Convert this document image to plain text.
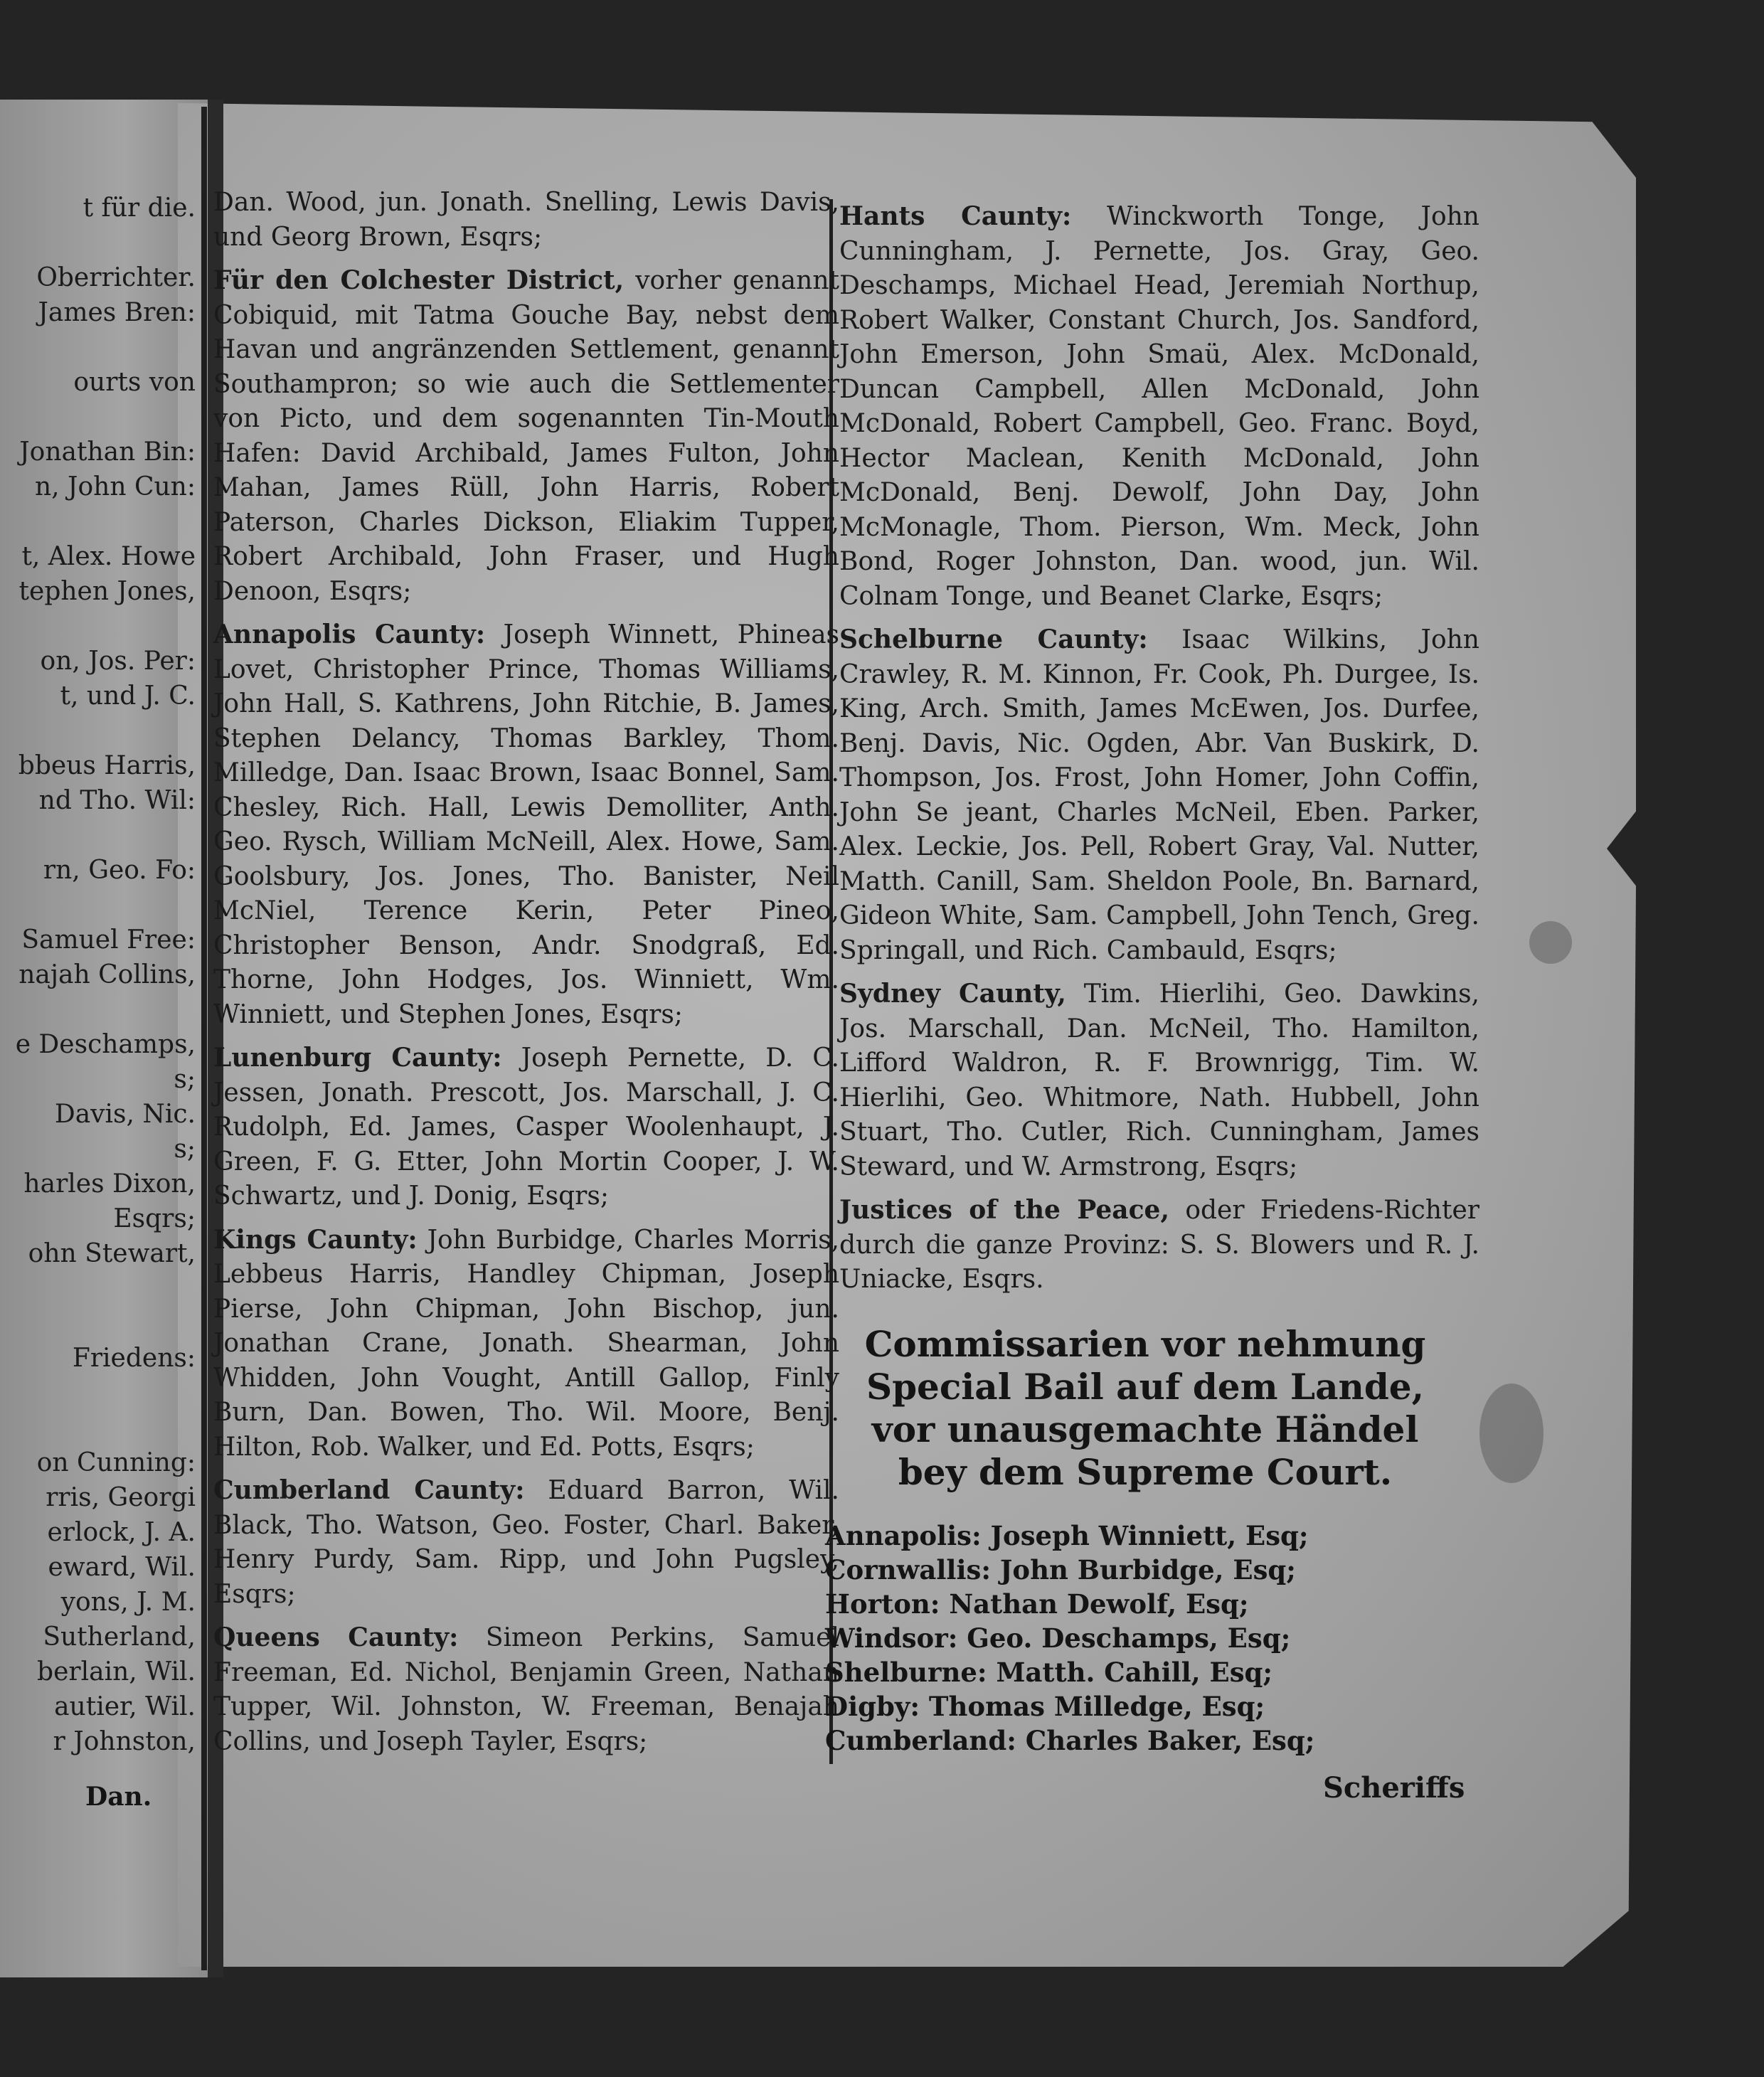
t für die.

Oberrichter.
James Bren:

ourts von

Jonathan Bin:
n, John Cun:

t, Alex. Howe
tephen Jones,

on, Jos. Per:
t, und J. C.

bbeus Harris,
nd Tho. Wil:

rn, Geo. Fo:

Samuel Free:
najah Collins,

e Deschamps,
s;
Davis, Nic.
s;
harles Dixon,
Esqrs;
ohn Stewart,

Friedens:

on Cunning:
rris, Georgi
erlock, J. A.
eward, Wil.
yons, J. M.
Sutherland,
berlain, Wil.
autier, Wil.
r Johnston,
Dan.
Dan. Wood, jun. Jonath. Snelling, Lewis Davis, und Georg Brown, Esqrs;
Für den Colchester District, vorher genannt Cobiquid, mit Tatma Gouche Bay, nebst dem Havan und angränzenden Settlement, genannt Southampron; so wie auch die Settlementer von Picto, und dem sogenannten Tin-Mouth Hafen: David Archibald, James Fulton, John Mahan, James Rüll, John Harris, Robert Paterson, Charles Dickson, Eliakim Tupper, Robert Archibald, John Fraser, und Hugh Denoon, Esqrs;
Annapolis Caunty: Joseph Winnett, Phineas Lovet, Christopher Prince, Thomas Williams, John Hall, S. Kathrens, John Ritchie, B. James, Stephen Delancy, Thomas Barkley, Thom. Milledge, Dan. Isaac Brown, Isaac Bonnel, Sam. Chesley, Rich. Hall, Lewis Demolliter, Anth. Geo. Rysch, William McNeill, Alex. Howe, Sam. Goolsbury, Jos. Jones, Tho. Banister, Neil McNiel, Terence Kerin, Peter Pineo, Christopher Benson, Andr. Snodgraß, Ed. Thorne, John Hodges, Jos. Winniett, Wm. Winniett, und Stephen Jones, Esqrs;
Lunenburg Caunty: Joseph Pernette, D. C. Jessen, Jonath. Prescott, Jos. Marschall, J. C. Rudolph, Ed. James, Casper Woolenhaupt, J. Green, F. G. Etter, John Mortin Cooper, J. W. Schwartz, und J. Donig, Esqrs;
Kings Caunty: John Burbidge, Charles Morris, Lebbeus Harris, Handley Chipman, Joseph Pierse, John Chipman, John Bischop, jun. Jonathan Crane, Jonath. Shearman, John Whidden, John Vought, Antill Gallop, Finly Burn, Dan. Bowen, Tho. Wil. Moore, Benj. Hilton, Rob. Walker, und Ed. Potts, Esqrs;
Cumberland Caunty: Eduard Barron, Wil. Black, Tho. Watson, Geo. Foster, Charl. Baker, Henry Purdy, Sam. Ripp, und John Pugsley, Esqrs;
Queens Caunty: Simeon Perkins, Samuel Freeman, Ed. Nichol, Benjamin Green, Nathan Tupper, Wil. Johnston, W. Freeman, Benajah Collins, und Joseph Tayler, Esqrs;
Hants Caunty: Winckworth Tonge, John Cunningham, J. Pernette, Jos. Gray, Geo. Deschamps, Michael Head, Jeremiah Northup, Robert Walker, Constant Church, Jos. Sandford, John Emerson, John Smaü, Alex. McDonald, Duncan Campbell, Allen McDonald, John McDonald, Robert Campbell, Geo. Franc. Boyd, Hector Maclean, Kenith McDonald, John McDonald, Benj. Dewolf, John Day, John McMonagle, Thom. Pierson, Wm. Meck, John Bond, Roger Johnston, Dan. wood, jun. Wil. Colnam Tonge, und Beanet Clarke, Esqrs;
Schelburne Caunty: Isaac Wilkins, John Crawley, R. M. Kinnon, Fr. Cook, Ph. Durgee, Is. King, Arch. Smith, James McEwen, Jos. Durfee, Benj. Davis, Nic. Ogden, Abr. Van Buskirk, D. Thompson, Jos. Frost, John Homer, John Coffin, John Se jeant, Charles McNeil, Eben. Parker, Alex. Leckie, Jos. Pell, Robert Gray, Val. Nutter, Matth. Canill, Sam. Sheldon Poole, Bn. Barnard, Gideon White, Sam. Campbell, John Tench, Greg. Springall, und Rich. Cambauld, Esqrs;
Sydney Caunty, Tim. Hierlihi, Geo. Dawkins, Jos. Marschall, Dan. McNeil, Tho. Hamilton, Lifford Waldron, R. F. Brownrigg, Tim. W. Hierlihi, Geo. Whitmore, Nath. Hubbell, John Stuart, Tho. Cutler, Rich. Cunningham, James Steward, und W. Armstrong, Esqrs;
Justices of the Peace, oder Friedens-Richter durch die ganze Provinz: S. S. Blowers und R. J. Uniacke, Esqrs.
Commissarien vor nehmung Special Bail auf dem Lande, vor unausgemachte Händel bey dem Supreme Court.
Annapolis: Joseph Winniett, Esq;
Cornwallis: John Burbidge, Esq;
Horton: Nathan Dewolf, Esq;
Windsor: Geo. Deschamps, Esq;
Shelburne: Matth. Cahill, Esq;
Digby: Thomas Milledge, Esq;
Cumberland: Charles Baker, Esq;
Scheriffs
